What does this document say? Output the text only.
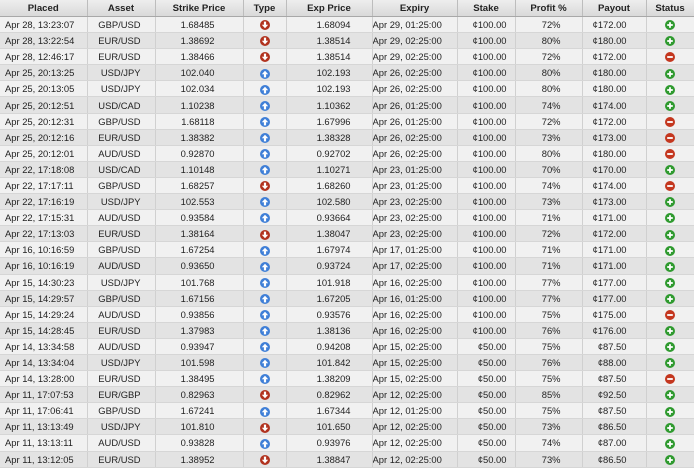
Placed	Asset	Strike Price	Type	Exp Price	Expiry	Stake	Profit %	Payout	Status
Apr 28, 13:23:07	GBP/USD	1.68485		1.68094	Apr 29, 01:25:00	¢100.00	72%	¢172.00	

Apr 28, 13:22:54	EUR/USD	1.38692		1.38514	Apr 29, 02:25:00	¢100.00	80%	¢180.00	

Apr 28, 12:46:17	EUR/USD	1.38466		1.38514	Apr 29, 02:25:00	¢100.00	72%	¢172.00	

Apr 25, 20:13:25	USD/JPY	102.040		102.193	Apr 26, 02:25:00	¢100.00	80%	¢180.00	

Apr 25, 20:13:05	USD/JPY	102.034		102.193	Apr 26, 02:25:00	¢100.00	80%	¢180.00	

Apr 25, 20:12:51	USD/CAD	1.10238		1.10362	Apr 26, 01:25:00	¢100.00	74%	¢174.00	

Apr 25, 20:12:31	GBP/USD	1.68118		1.67996	Apr 26, 01:25:00	¢100.00	72%	¢172.00	

Apr 25, 20:12:16	EUR/USD	1.38382		1.38328	Apr 26, 02:25:00	¢100.00	73%	¢173.00	

Apr 25, 20:12:01	AUD/USD	0.92870		0.92702	Apr 26, 02:25:00	¢100.00	80%	¢180.00	

Apr 22, 17:18:08	USD/CAD	1.10148		1.10271	Apr 23, 01:25:00	¢100.00	70%	¢170.00	

Apr 22, 17:17:11	GBP/USD	1.68257		1.68260	Apr 23, 01:25:00	¢100.00	74%	¢174.00	

Apr 22, 17:16:19	USD/JPY	102.553		102.580	Apr 23, 02:25:00	¢100.00	73%	¢173.00	

Apr 22, 17:15:31	AUD/USD	0.93584		0.93664	Apr 23, 02:25:00	¢100.00	71%	¢171.00	

Apr 22, 17:13:03	EUR/USD	1.38164		1.38047	Apr 23, 02:25:00	¢100.00	72%	¢172.00	

Apr 16, 10:16:59	GBP/USD	1.67254		1.67974	Apr 17, 01:25:00	¢100.00	71%	¢171.00	

Apr 16, 10:16:19	AUD/USD	0.93650		0.93724	Apr 17, 02:25:00	¢100.00	71%	¢171.00	

Apr 15, 14:30:23	USD/JPY	101.768		101.918	Apr 16, 02:25:00	¢100.00	77%	¢177.00	

Apr 15, 14:29:57	GBP/USD	1.67156		1.67205	Apr 16, 01:25:00	¢100.00	77%	¢177.00	

Apr 15, 14:29:24	AUD/USD	0.93856		0.93576	Apr 16, 02:25:00	¢100.00	75%	¢175.00	

Apr 15, 14:28:45	EUR/USD	1.37983		1.38136	Apr 16, 02:25:00	¢100.00	76%	¢176.00	

Apr 14, 13:34:58	AUD/USD	0.93947		0.94208	Apr 15, 02:25:00	¢50.00	75%	¢87.50	

Apr 14, 13:34:04	USD/JPY	101.598		101.842	Apr 15, 02:25:00	¢50.00	76%	¢88.00	

Apr 14, 13:28:00	EUR/USD	1.38495		1.38209	Apr 15, 02:25:00	¢50.00	75%	¢87.50	

Apr 11, 17:07:53	EUR/GBP	0.82963		0.82962	Apr 12, 02:25:00	¢50.00	85%	¢92.50	

Apr 11, 17:06:41	GBP/USD	1.67241		1.67344	Apr 12, 01:25:00	¢50.00	75%	¢87.50	

Apr 11, 13:13:49	USD/JPY	101.810		101.650	Apr 12, 02:25:00	¢50.00	73%	¢86.50	

Apr 11, 13:13:11	AUD/USD	0.93828		0.93976	Apr 12, 02:25:00	¢50.00	74%	¢87.00	

Apr 11, 13:12:05	EUR/USD	1.38952		1.38847	Apr 12, 02:25:00	¢50.00	73%	¢86.50	
